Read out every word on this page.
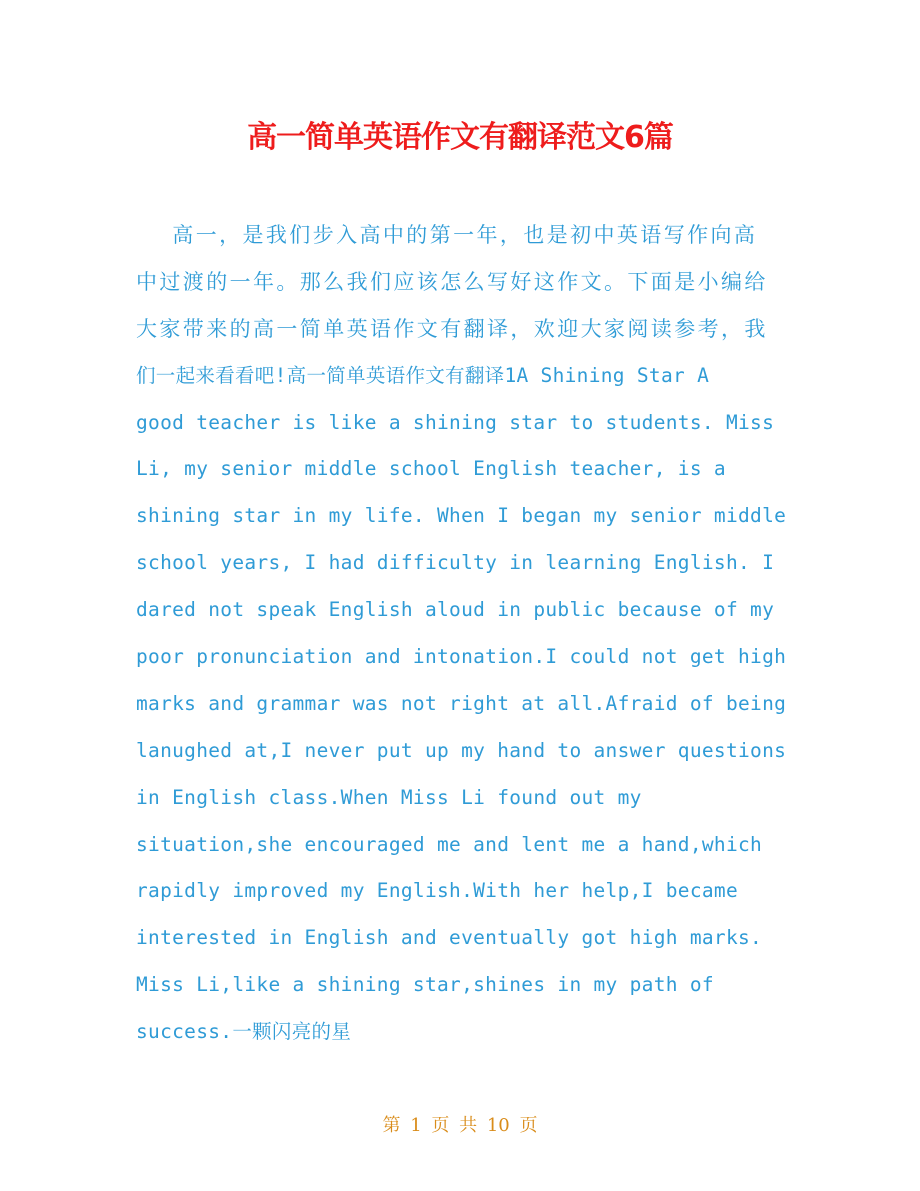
高一简单英语作文有翻译范文6篇
高一，是我们步入高中的第一年，也是初中英语写作向高
中过渡的一年。那么我们应该怎么写好这作文。下面是小编给
大家带来的高一简单英语作文有翻译，欢迎大家阅读参考，我
们一起来看看吧!高一简单英语作文有翻译1A Shining Star A
good teacher is like a shining star to students. Miss
Li, my senior middle school English teacher, is a
shining star in my life. When I began my senior middle
school years, I had difficulty in learning English. I
dared not speak English aloud in public because of my
poor pronunciation and intonation.I could not get high
marks and grammar was not right at all.Afraid of being
lanughed at,I never put up my hand to answer questions
in English class.When Miss Li found out my
situation,she encouraged me and lent me a hand,which
rapidly improved my English.With her help,I became
interested in English and eventually got high marks.
Miss Li,like a shining star,shines in my path of
success.一颗闪亮的星
第 1 页 共 10 页
